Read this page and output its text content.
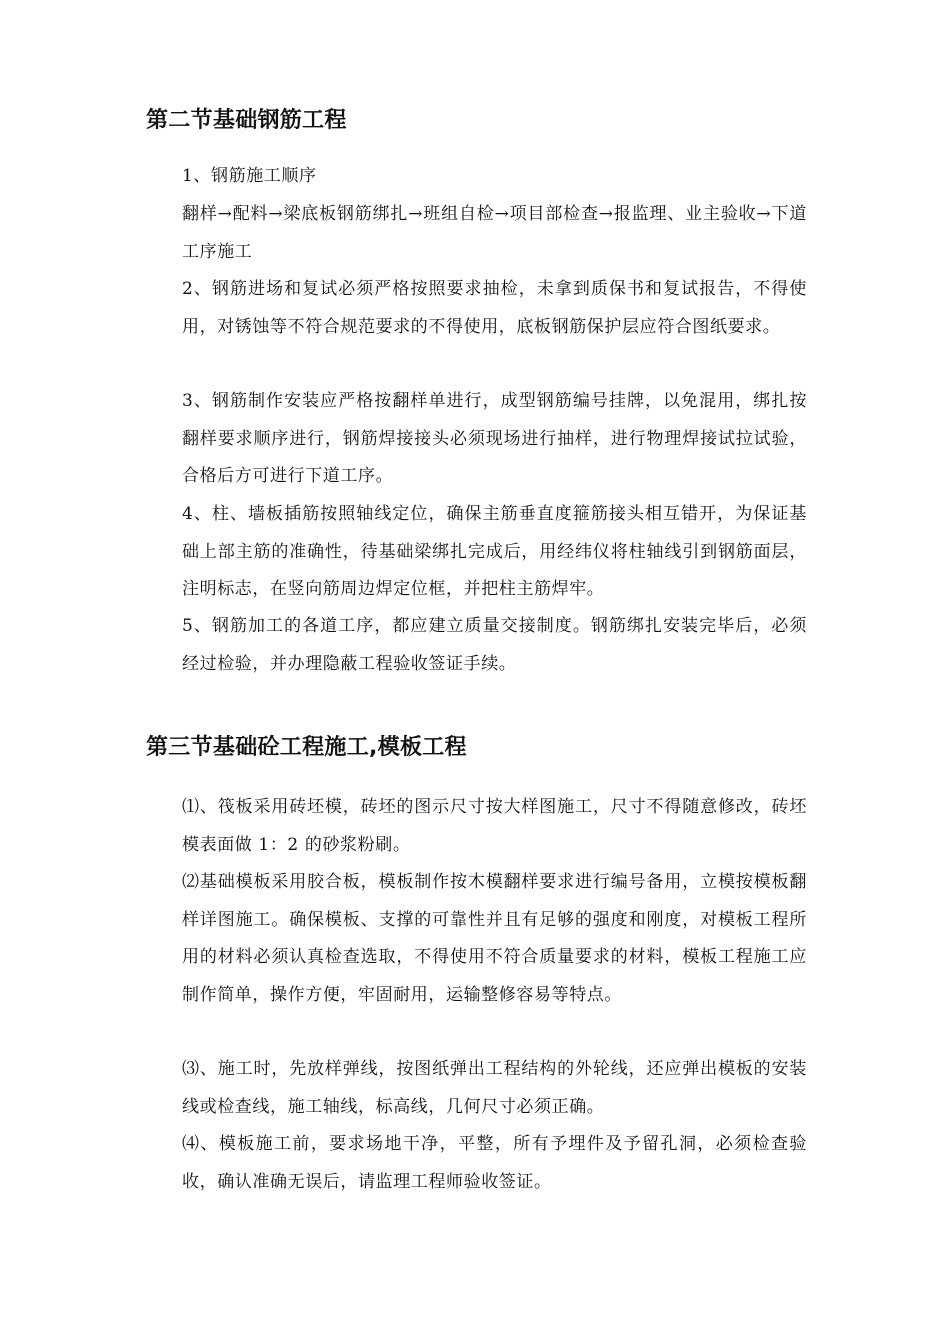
第二节基础钢筋工程

1、钢筋施工顺序

翻样→配料→梁底板钢筋绑扎→班组自检→项目部检查→报监理、业主验收→下道工序施工

2、钢筋进场和复试必须严格按照要求抽检，未拿到质保书和复试报告，不得使用，对锈蚀等不符合规范要求的不得使用，底板钢筋保护层应符合图纸要求。

3、钢筋制作安装应严格按翻样单进行，成型钢筋编号挂牌，以免混用，绑扎按翻样要求顺序进行，钢筋焊接接头必须现场进行抽样，进行物理焊接试拉试验，合格后方可进行下道工序。

4、柱、墙板插筋按照轴线定位，确保主筋垂直度箍筋接头相互错开，为保证基础上部主筋的准确性，待基础梁绑扎完成后，用经纬仪将柱轴线引到钢筋面层，注明标志，在竖向筋周边焊定位框，并把柱主筋焊牢。

5、钢筋加工的各道工序，都应建立质量交接制度。钢筋绑扎安装完毕后，必须经过检验，并办理隐蔽工程验收签证手续。

第三节基础砼工程施工,模板工程

⑴、筏板采用砖坯模，砖坯的图示尺寸按大样图施工，尺寸不得随意修改，砖坯模表面做 1：2 的砂浆粉刷。

⑵基础模板采用胶合板，模板制作按木模翻样要求进行编号备用，立模按模板翻样详图施工。确保模板、支撑的可靠性并且有足够的强度和刚度，对模板工程所用的材料必须认真检查选取，不得使用不符合质量要求的材料，模板工程施工应制作简单，操作方便，牢固耐用，运输整修容易等特点。

⑶、施工时，先放样弹线，按图纸弹出工程结构的外轮线，还应弹出模板的安装线或检查线，施工轴线，标高线，几何尺寸必须正确。

⑷、模板施工前，要求场地干净，平整，所有予埋件及予留孔洞，必须检查验收，确认准确无误后，请监理工程师验收签证。
